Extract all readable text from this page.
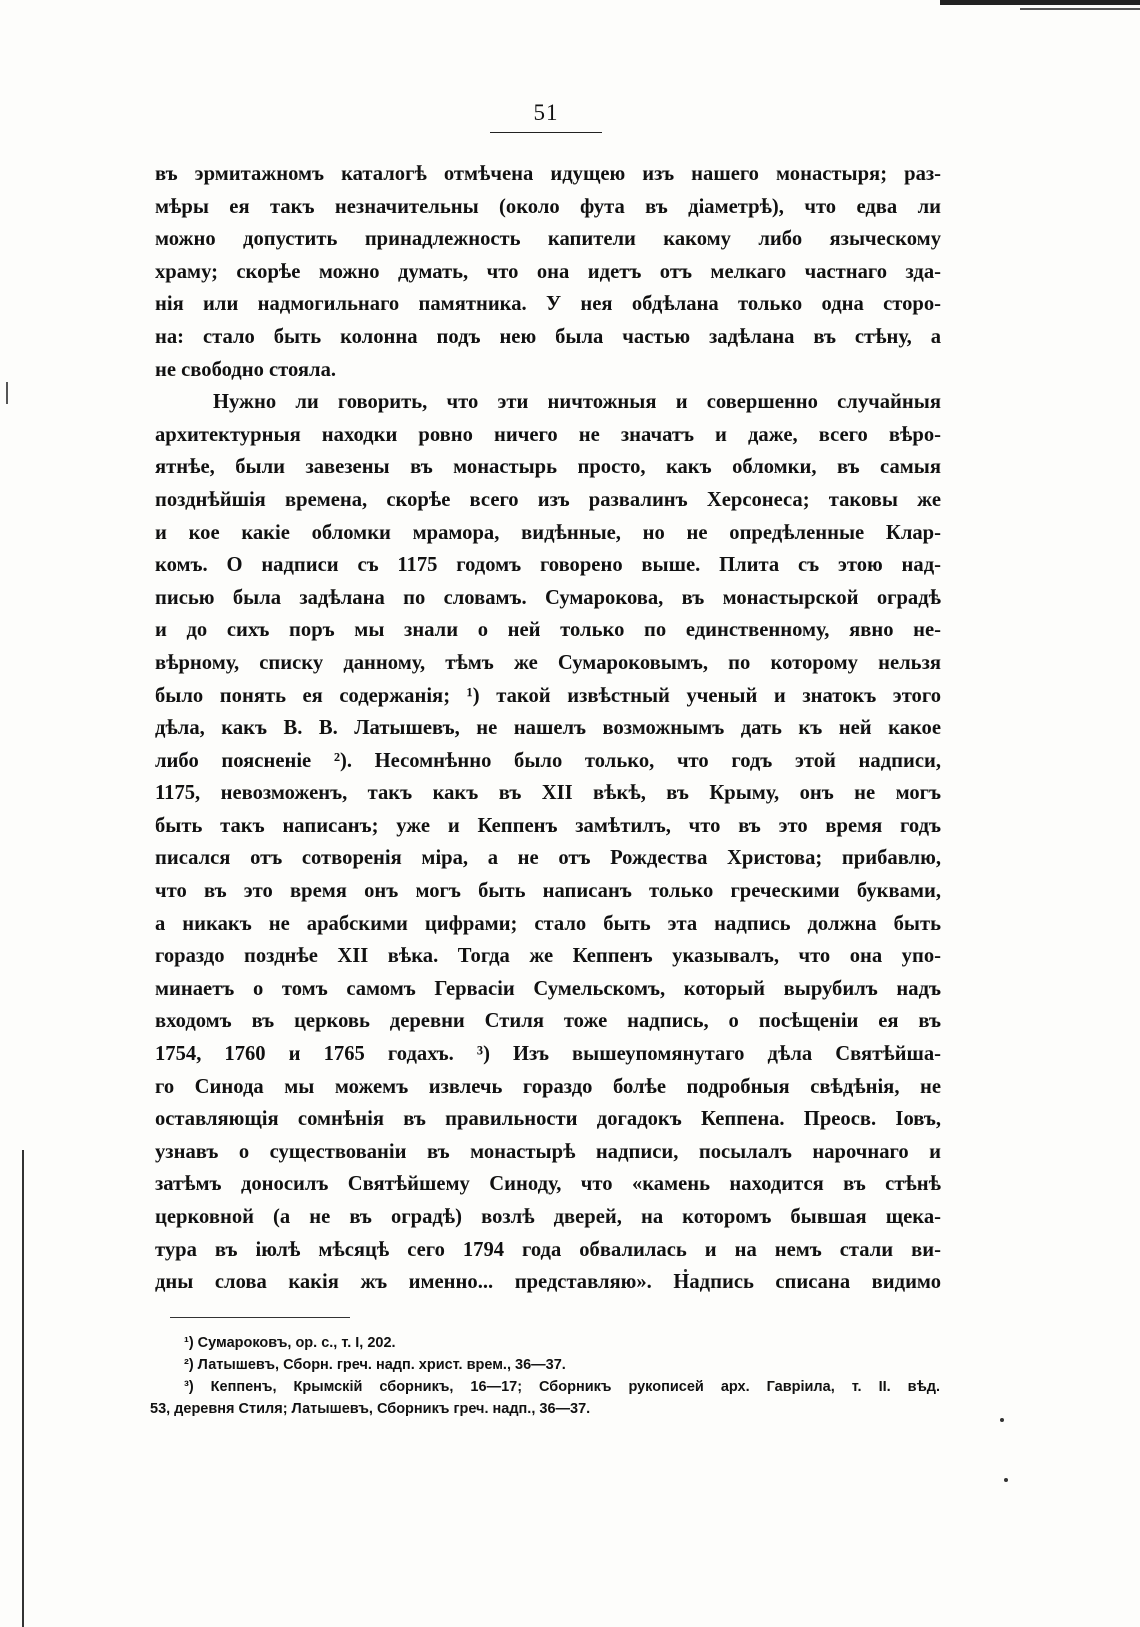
51
въ эрмитажномъ каталогѣ отмѣчена идущею изъ нашего монастыря; раз-
мѣры ея такъ незначительны (около фута въ діаметрѣ), что едва ли
можно допустить принадлежность капители какому либо языческому
храму; скорѣе можно думать, что она идетъ отъ мелкаго частнаго зда-
нія или надмогильнаго памятника. У нея обдѣлана только одна сторо-
на: стало быть колонна подъ нею была частью задѣлана въ стѣну, а
не свободно стояла.
Нужно ли говорить, что эти ничтожныя и совершенно случайныя
архитектурныя находки ровно ничего не значатъ и даже, всего вѣро-
ятнѣе, были завезены въ монастырь просто, какъ обломки, въ самыя
позднѣйшія времена, скорѣе всего изъ развалинъ Херсонеса; таковы же
и кое какіе обломки мрамора, видѣнные, но не опредѣленные Клар-
комъ. О надписи съ 1175 годомъ говорено выше. Плита съ этою над-
писью была задѣлана по словамъ. Сумарокова, въ монастырской оградѣ
и до сихъ поръ мы знали о ней только по единственному, явно не-
вѣрному, списку данному, тѣмъ же Сумароковымъ, по которому нельзя
было понять ея содержанія; ¹) такой извѣстный ученый и знатокъ этого
дѣла, какъ В. В. Латышевъ, не нашелъ возможнымъ дать къ ней какое
либо поясненіе ²). Несомнѣнно было только, что годъ этой надписи,
1175, невозможенъ, такъ какъ въ XII вѣкѣ, въ Крыму, онъ не могъ
быть такъ написанъ; уже и Кеппенъ замѣтилъ, что въ это время годъ
писался отъ сотворенія міра, а не отъ Рождества Христова; прибавлю,
что въ это время онъ могъ быть написанъ только греческими буквами,
а никакъ не арабскими цифрами; стало быть эта надпись должна быть
гораздо позднѣе XII вѣка. Тогда же Кеппенъ указывалъ, что она упо-
минаетъ о томъ самомъ Гервасіи Сумельскомъ, который вырубилъ надъ
входомъ въ церковь деревни Стиля тоже надпись, о посѣщеніи ея въ
1754, 1760 и 1765 годахъ. ³) Изъ вышеупомянутаго дѣла Святѣйша-
го Синода мы можемъ извлечь гораздо болѣе подробныя свѣдѣнія, не
оставляющія сомнѣнія въ правильности догадокъ Кеппена. Преосв. Іовъ,
узнавъ о существованіи въ монастырѣ надписи, посылалъ нарочнаго и
затѣмъ доносилъ Святѣйшему Синоду, что «камень находится въ стѣнѣ
церковной (а не въ оградѣ) возлѣ дверей, на которомъ бывшая щека-
тура въ іюлѣ мѣсяцѣ сего 1794 года обвалилась и на немъ стали ви-
дны слова какія жъ именно... представляю». Надпись списана видимо
¹) Сумароковъ, ор. с., т. I, 202.
²) Латышевъ, Сборн. греч. надп. христ. врем., 36—37.
³) Кеппенъ, Крымскій сборникъ, 16—17; Сборникъ рукописей арх. Гаврiила, т. II. вѣд.
53, деревня Стиля; Латышевъ, Сборникъ греч. надп., 36—37.
